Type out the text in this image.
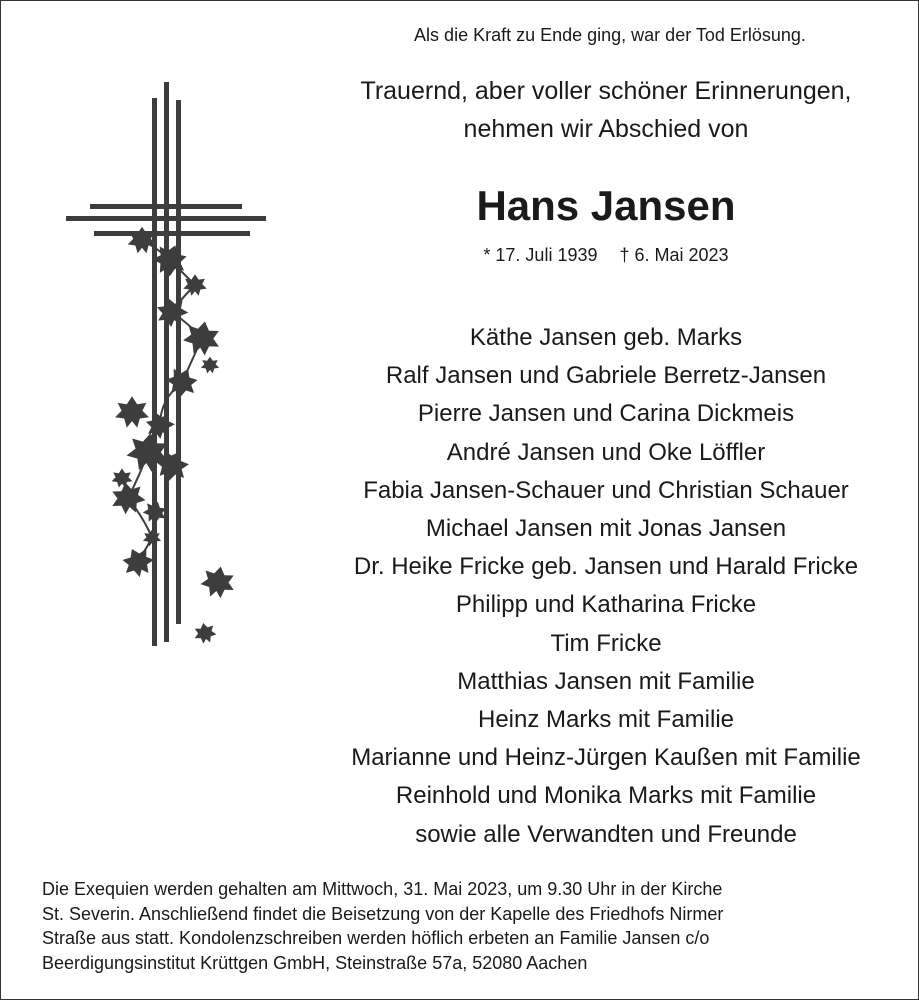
Als die Kraft zu Ende ging, war der Tod Erlösung.
Trauernd, aber voller schöner Erinnerungen,
nehmen wir Abschied von
Hans Jansen
* 17. Juli 1939 † 6. Mai 2023
Käthe Jansen geb. Marks
Ralf Jansen und Gabriele Berretz-Jansen
Pierre Jansen und Carina Dickmeis
André Jansen und Oke Löffler
Fabia Jansen-Schauer und Christian Schauer
Michael Jansen mit Jonas Jansen
Dr. Heike Fricke geb. Jansen und Harald Fricke
Philipp und Katharina Fricke
Tim Fricke
Matthias Jansen mit Familie
Heinz Marks mit Familie
Marianne und Heinz-Jürgen Kaußen mit Familie
Reinhold und Monika Marks mit Familie
sowie alle Verwandten und Freunde
Die Exequien werden gehalten am Mittwoch, 31. Mai 2023, um 9.30 Uhr in der Kirche
St. Severin. Anschließend findet die Beisetzung von der Kapelle des Friedhofs Nirmer
Straße aus statt. Kondolenzschreiben werden höflich erbeten an Familie Jansen c/o
Beerdigungsinstitut Krüttgen GmbH, Steinstraße 57a, 52080 Aachen
